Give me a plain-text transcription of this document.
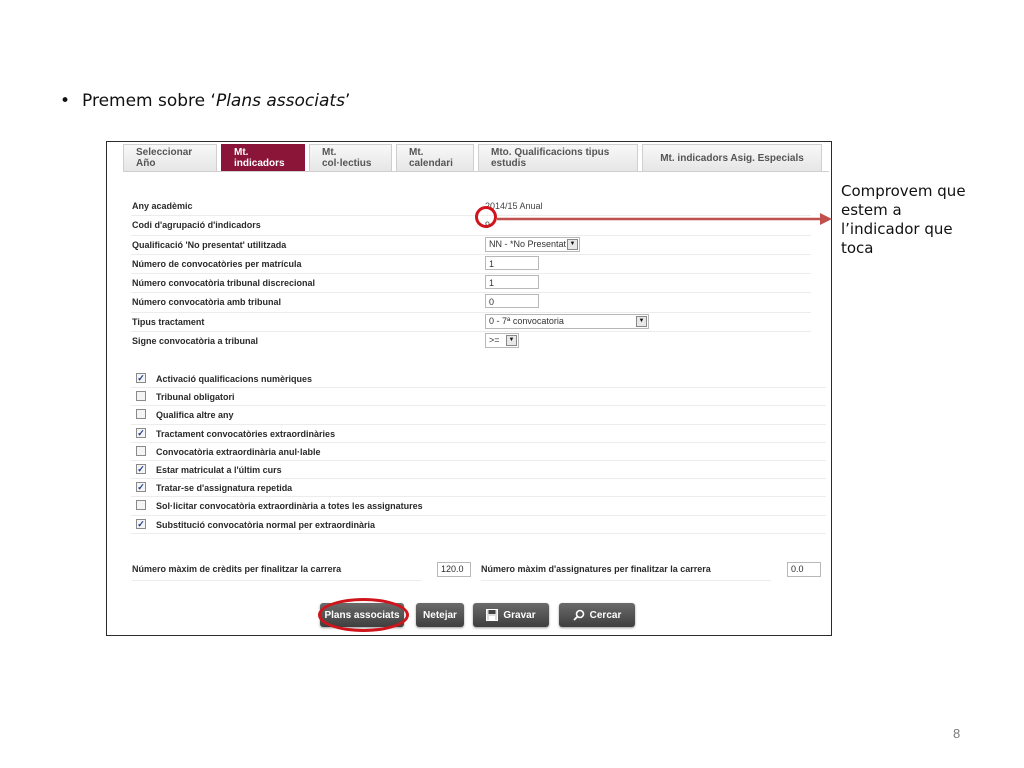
• Premem sobre ‘Plans associats’
Seleccionar Año
Mt. indicadors
Mt. col·lectius
Mt. calendari
Mto. Qualificacions tipus estudis	Mt. indicadors Asig. Especials
Any acadèmic	2014/15 Anual
Codi d'agrupació d'indicadors	9
Qualificació 'No presentat' utilitzada	NN - *No Presentat ▼
Número de convocatòries per matrícula	1
Número convocatòria tribunal discrecional	1
Número convocatòria amb tribunal	0
Tipus tractament	0 - 7ª convocatoria	▼
Signe convocatòria a tribunal	>=	▼
✓ Activació qualificacions numèriques
Tribunal obligatori
Qualifica altre any
✓ Tractament convocatòries extraordinàries
Convocatòria extraordinària anul·lable
✓ Estar matriculat a l'últim curs
✓ Tratar-se d'assignatura repetida
Sol·licitar convocatòria extraordinària a totes les assignatures
✓ Substitució convocatòria normal per extraordinària
Número màxim de crèdits per finalitzar la carrera	120.0	Número màxim d'assignatures per finalitzar la carrera	0.0
Plans associats Netejar	Gravar	Cercar
Comprovem que
estem a
l’indicador que
toca
8
